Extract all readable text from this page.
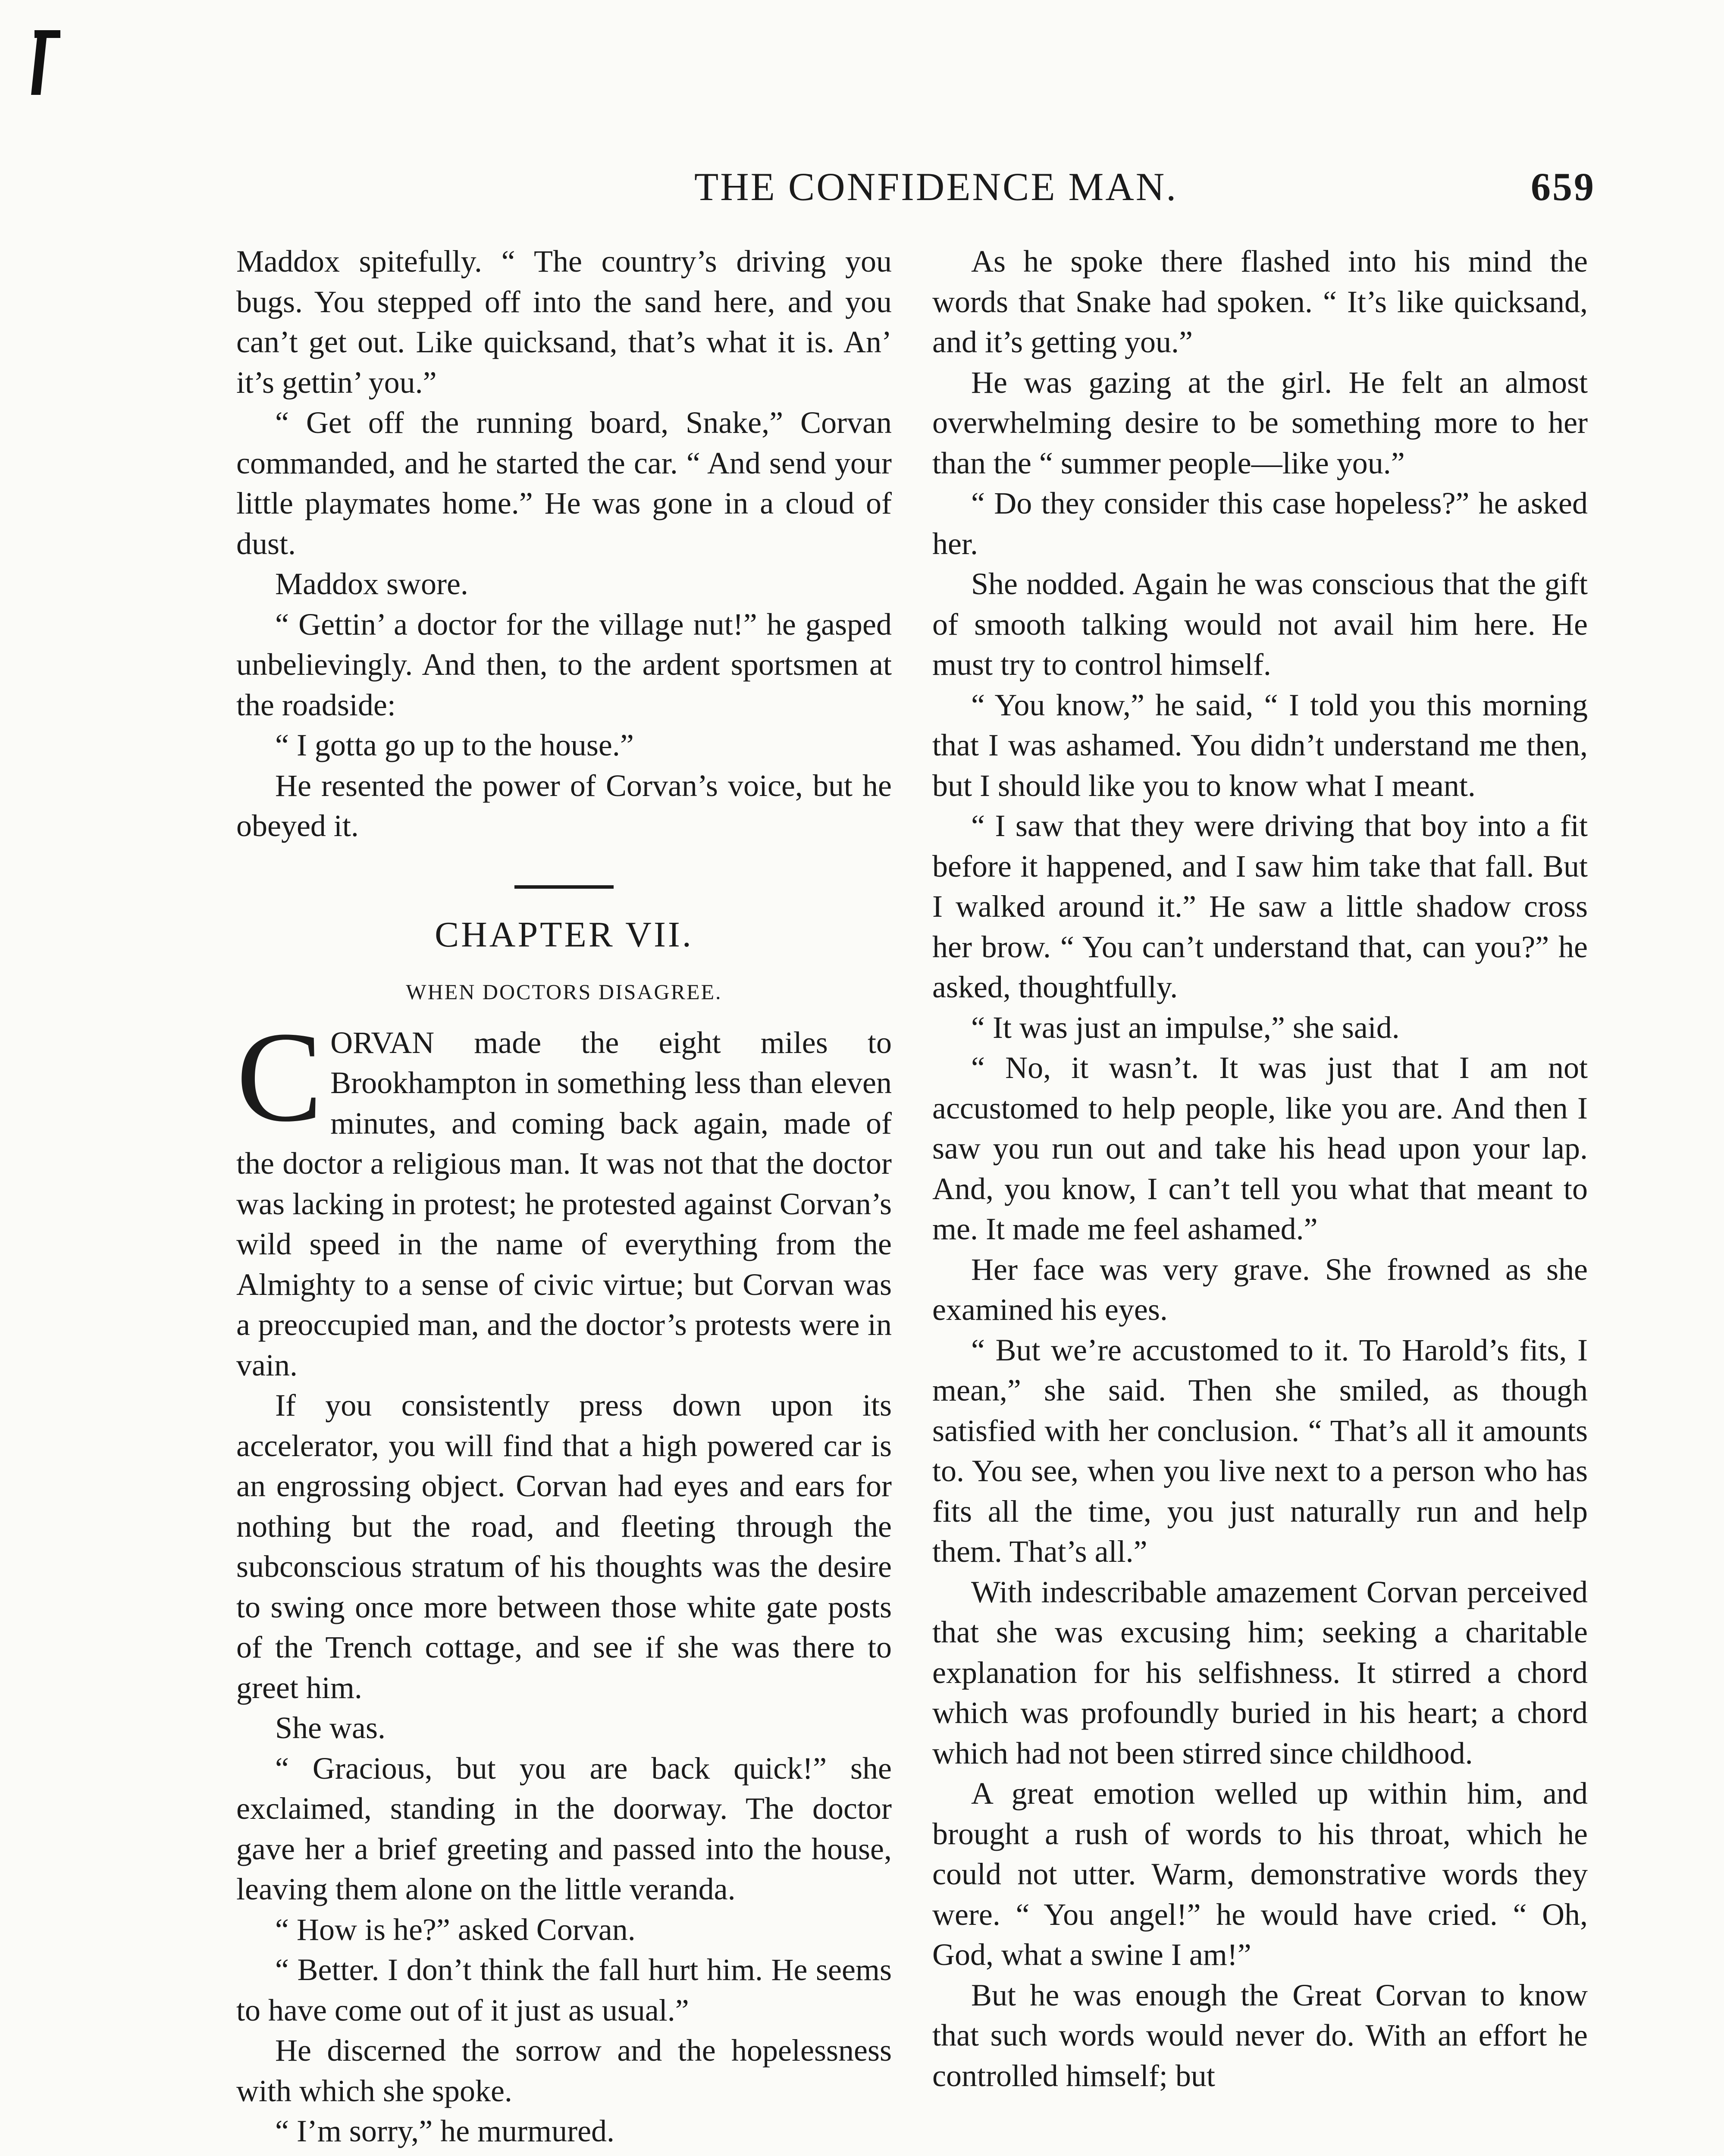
THE CONFIDENCE MAN.	659

Maddox spitefully. “ The country’s driving you bugs. You stepped off into the sand here, and you can’t get out. Like quicksand, that’s what it is. An’ it’s gettin’ you.”

“ Get off the running board, Snake,” Corvan commanded, and he started the car. “ And send your little playmates home.” He was gone in a cloud of dust.

Maddox swore.

“ Gettin’ a doctor for the village nut!” he gasped unbelievingly. And then, to the ardent sportsmen at the roadside:

“ I gotta go up to the house.”

He resented the power of Corvan’s voice, but he obeyed it.

CHAPTER VII.
WHEN DOCTORS DISAGREE.

CORVAN made the eight miles to Brookhampton in something less than eleven minutes, and coming back again, made of the doctor a religious man. It was not that the doctor was lacking in protest; he protested against Corvan’s wild speed in the name of everything from the Almighty to a sense of civic virtue; but Corvan was a preoccupied man, and the doctor’s protests were in vain.

If you consistently press down upon its accelerator, you will find that a high powered car is an engrossing object. Corvan had eyes and ears for nothing but the road, and fleeting through the subconscious stratum of his thoughts was the desire to swing once more between those white gate posts of the Trench cottage, and see if she was there to greet him.

She was.

“ Gracious, but you are back quick!” she exclaimed, standing in the doorway. The doctor gave her a brief greeting and passed into the house, leaving them alone on the little veranda.

“ How is he?” asked Corvan.

“ Better. I don’t think the fall hurt him. He seems to have come out of it just as usual.”

He discerned the sorrow and the hopelessness with which she spoke.

“ I’m sorry,” he murmured.

As he spoke there flashed into his mind the words that Snake had spoken. “ It’s like quicksand, and it’s getting you.”

He was gazing at the girl. He felt an almost overwhelming desire to be something more to her than the “ summer people—like you.”

“ Do they consider this case hopeless?” he asked her.

She nodded. Again he was conscious that the gift of smooth talking would not avail him here. He must try to control himself.

“ You know,” he said, “ I told you this morning that I was ashamed. You didn’t understand me then, but I should like you to know what I meant.

“ I saw that they were driving that boy into a fit before it happened, and I saw him take that fall. But I walked around it.” He saw a little shadow cross her brow. “ You can’t understand that, can you?” he asked, thoughtfully.

“ It was just an impulse,” she said.

“ No, it wasn’t. It was just that I am not accustomed to help people, like you are. And then I saw you run out and take his head upon your lap. And, you know, I can’t tell you what that meant to me. It made me feel ashamed.”

Her face was very grave. She frowned as she examined his eyes.

“ But we’re accustomed to it. To Harold’s fits, I mean,” she said. Then she smiled, as though satisfied with her conclusion. “ That’s all it amounts to. You see, when you live next to a person who has fits all the time, you just naturally run and help them. That’s all.”

With indescribable amazement Corvan perceived that she was excusing him; seeking a charitable explanation for his selfishness. It stirred a chord which was profoundly buried in his heart; a chord which had not been stirred since childhood.

A great emotion welled up within him, and brought a rush of words to his throat, which he could not utter. Warm, demonstrative words they were. “ You angel!” he would have cried. “ Oh, God, what a swine I am!”

But he was enough the Great Corvan to know that such words would never do. With an effort he controlled himself; but
